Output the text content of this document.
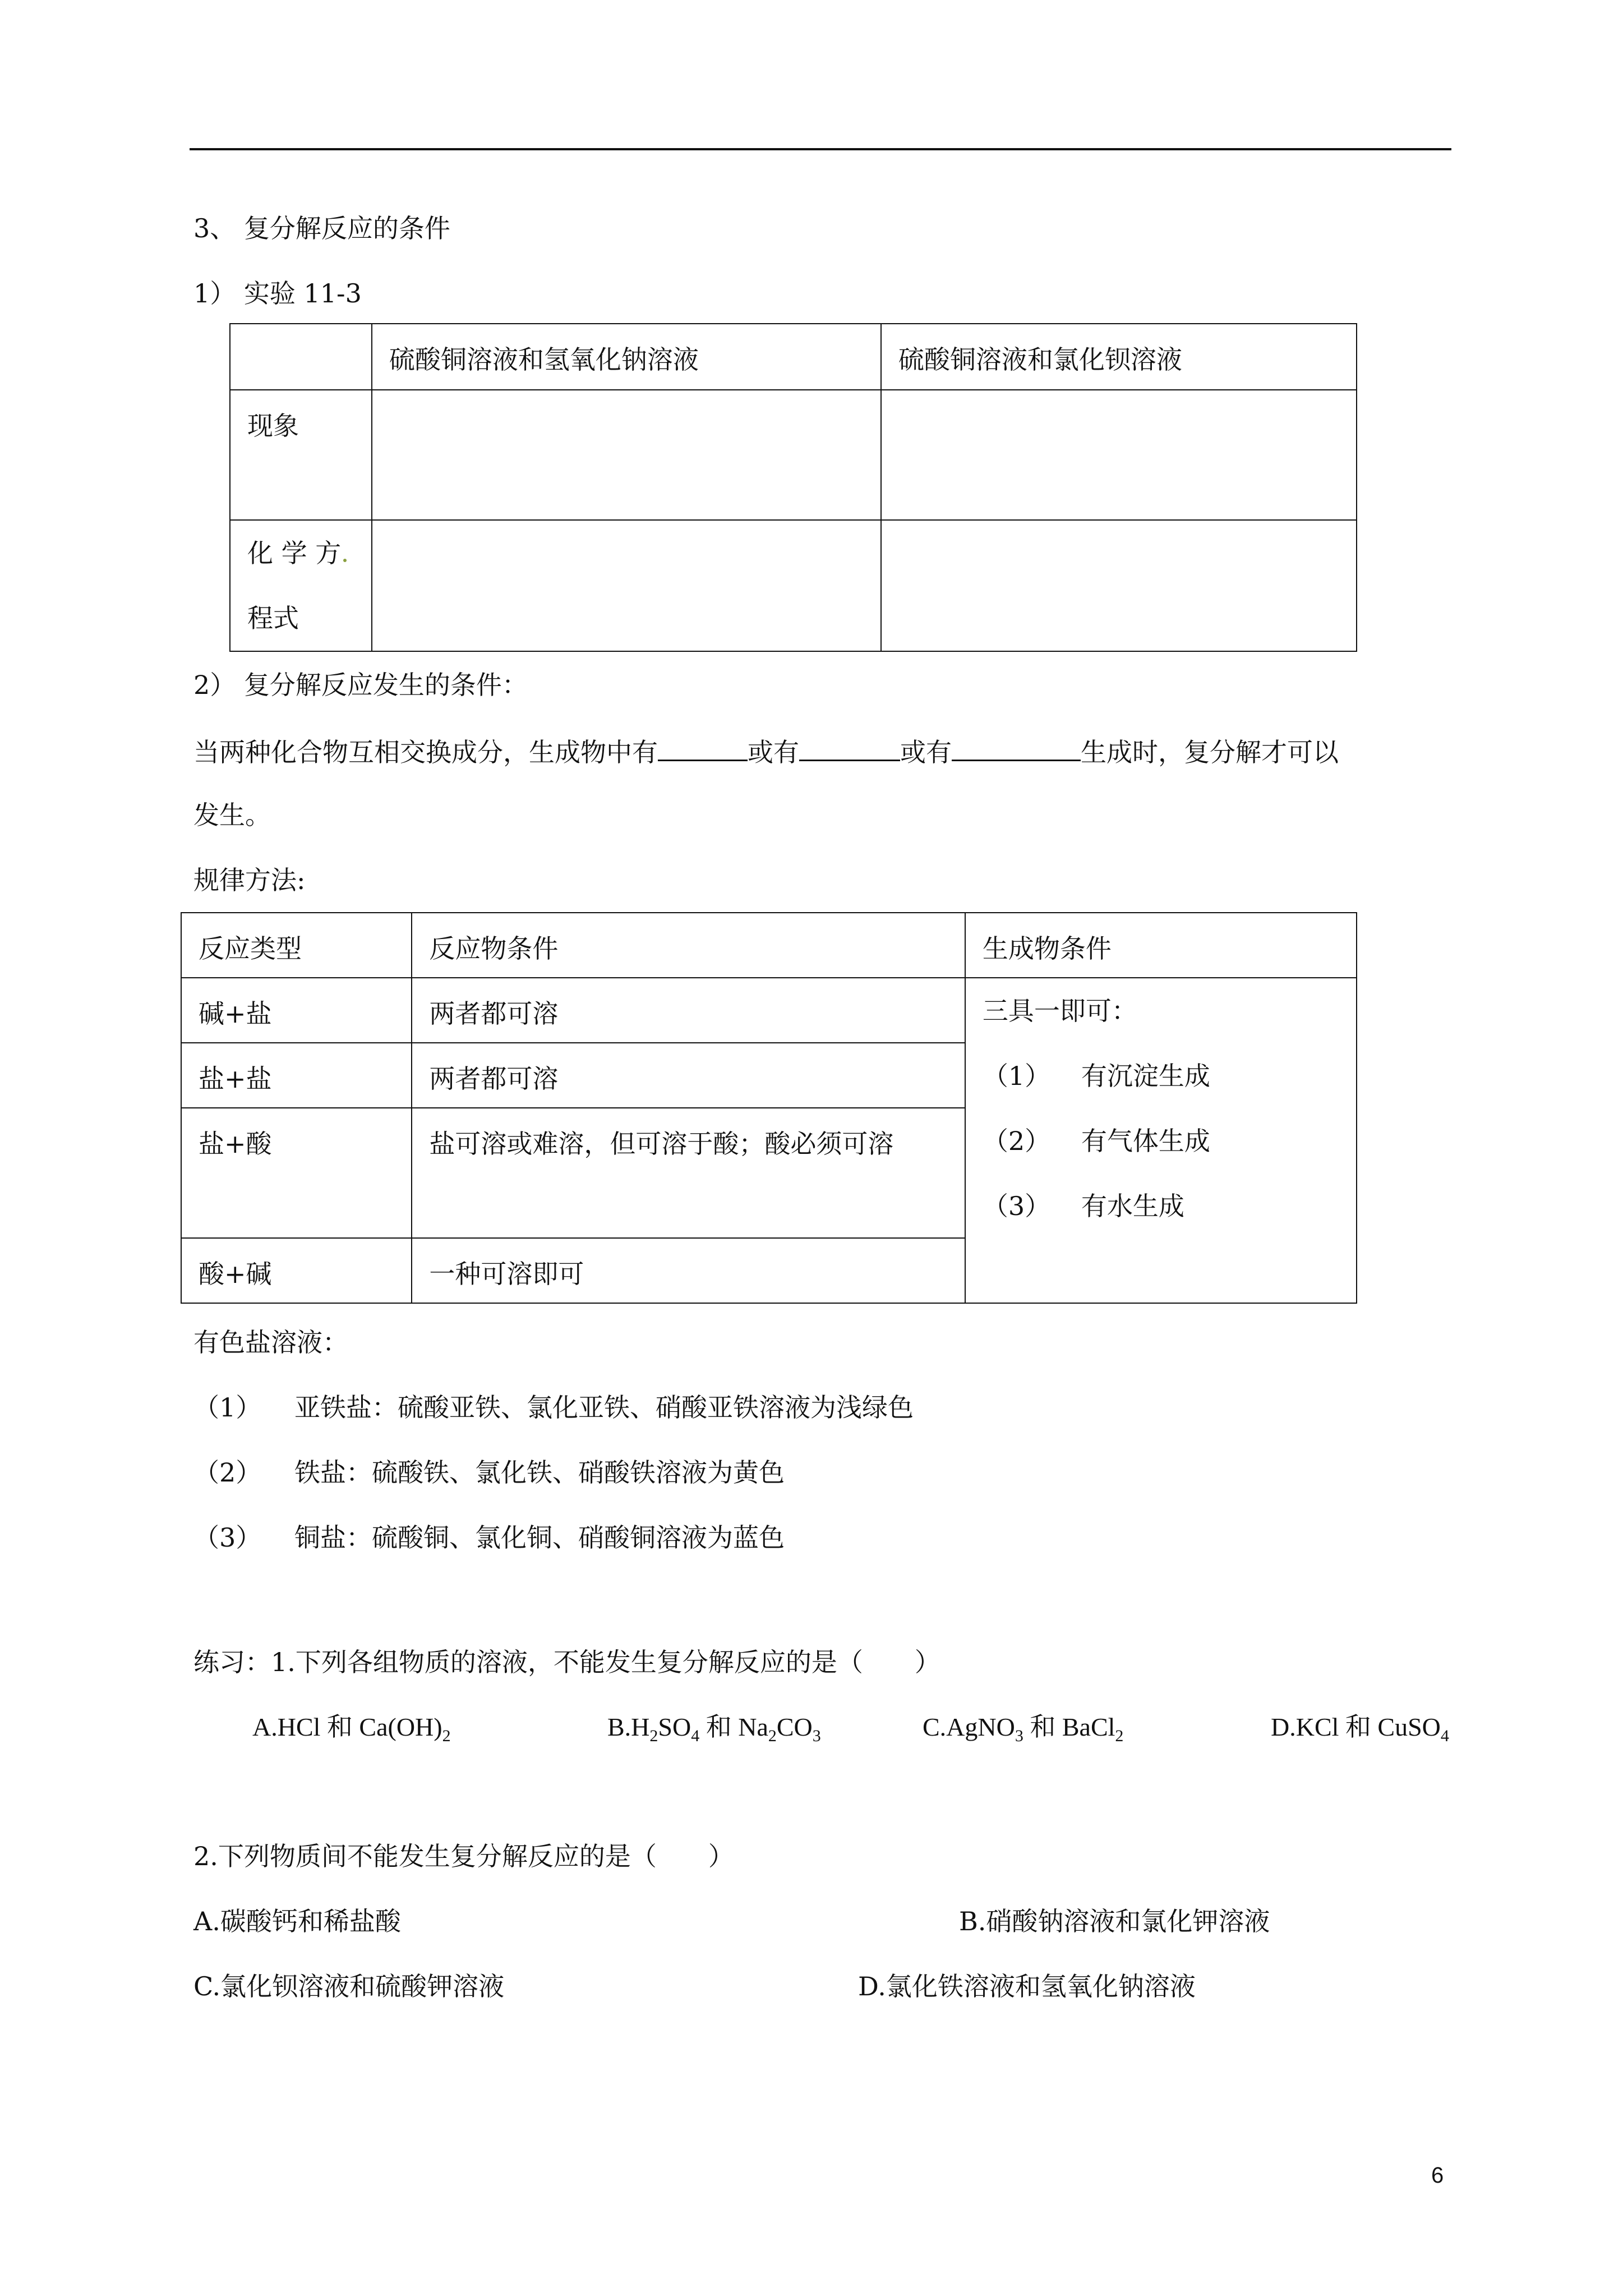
3、 复分解反应的条件
1） 实验 11-3

	硫酸铜溶液和氢氧化钠溶液	硫酸铜溶液和氯化钡溶液

现象		

化 学 方
程式		

2） 复分解反应发生的条件：
当两种化合物互相交换成分，生成物中有	或有	或有	生成时，复分解才可以
发生。
规律方法:
反应类型	反应物条件	生成物条件

碱+盐	两者都可溶	三具一即可：
（1） 有沉淀生成
（2） 有气体生成
（3） 有水生成

盐+盐	两者都可溶	

盐+酸	盐可溶或难溶，但可溶于酸；酸必须可溶	

酸+碱	一种可溶即可	
有色盐溶液：
（1） 亚铁盐：硫酸亚铁、氯化亚铁、硝酸亚铁溶液为浅绿色
（2） 铁盐：硫酸铁、氯化铁、硝酸铁溶液为黄色
（3） 铜盐：硫酸铜、氯化铜、硝酸铜溶液为蓝色
练习：1.下列各组物质的溶液，不能发生复分解反应的是（　　）
A.HCl 和 $Ca(OH)_2$	$B.H_2SO_4$ 和 $Na_2CO_3$	C.AgNO$_3$ 和 BaCl$_2$	D.KCl 和 CuSO$_4$
2.下列物质间不能发生复分解反应的是（　　）
A.碳酸钙和稀盐酸	B.硝酸钠溶液和氯化钾溶液
C.氯化钡溶液和硫酸钾溶液	D.氯化铁溶液和氢氧化钠溶液
6
